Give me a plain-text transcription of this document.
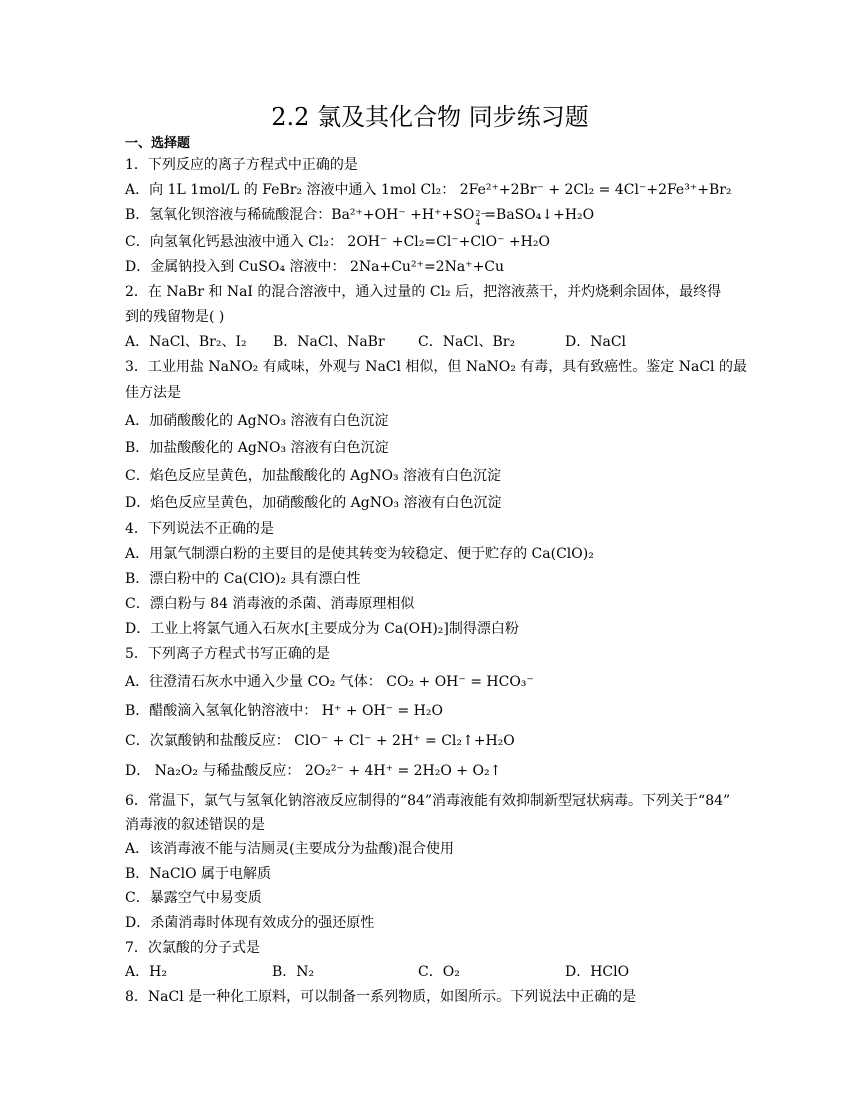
2.2 氯及其化合物 同步练习题
一、选择题
1．下列反应的离子方程式中正确的是
A．向 1L 1mol/L 的 FeBr₂ 溶液中通入 1mol Cl₂： 2Fe²⁺+2Br⁻ + 2Cl₂ = 4Cl⁻+2Fe³⁺+Br₂
B．氢氧化钡溶液与稀硫酸混合：Ba²⁺+OH⁻ +H⁺+SO 2−
4 =BaSO₄↓+H₂O
C．向氢氧化钙悬浊液中通入 Cl₂： 2OH⁻ +Cl₂=Cl⁻+ClO⁻ +H₂O
D．金属钠投入到 CuSO₄ 溶液中： 2Na+Cu²⁺=2Na⁺+Cu
2．在 NaBr 和 NaI 的混合溶液中，通入过量的 Cl₂ 后，把溶液蒸干，并灼烧剩余固体，最终得
到的残留物是( )
A．NaCl、Br₂、I₂ B．NaCl、NaBr C．NaCl、Br₂	D．NaCl
3．工业用盐 NaNO₂ 有咸味，外观与 NaCl 相似，但 NaNO₂ 有毒，具有致癌性。鉴定 NaCl 的最
佳方法是
A．加硝酸酸化的 AgNO₃ 溶液有白色沉淀
B．加盐酸酸化的 AgNO₃ 溶液有白色沉淀
C．焰色反应呈黄色，加盐酸酸化的 AgNO₃ 溶液有白色沉淀
D．焰色反应呈黄色，加硝酸酸化的 AgNO₃ 溶液有白色沉淀
4．下列说法不正确的是
A．用氯气制漂白粉的主要目的是使其转变为较稳定、便于贮存的 Ca(ClO)₂
B．漂白粉中的 Ca(ClO)₂ 具有漂白性
C．漂白粉与 84 消毒液的杀菌、消毒原理相似
D．工业上将氯气通入石灰水[主要成分为 Ca(OH)₂]制得漂白粉
5．下列离子方程式书写正确的是
A．往澄清石灰水中通入少量 CO₂ 气体： CO₂ + OH⁻ = HCO₃⁻
B．醋酸滴入氢氧化钠溶液中： H⁺ + OH⁻ = H₂O
C．次氯酸钠和盐酸反应： ClO⁻ + Cl⁻ + 2H⁺ = Cl₂↑+H₂O
D． Na₂O₂ 与稀盐酸反应： 2O₂²⁻ + 4H⁺ = 2H₂O + O₂↑
6．常温下，氯气与氢氧化钠溶液反应制得的“84”消毒液能有效抑制新型冠状病毒。下列关于“84”
消毒液的叙述错误的是
A．该消毒液不能与洁厕灵(主要成分为盐酸)混合使用
B．NaClO 属于电解质
C．暴露空气中易变质
D．杀菌消毒时体现有效成分的强还原性
7．次氯酸的分子式是
A．H₂	B．N₂	C．O₂	D．HClO
8．NaCl 是一种化工原料，可以制备一系列物质，如图所示。下列说法中正确的是
